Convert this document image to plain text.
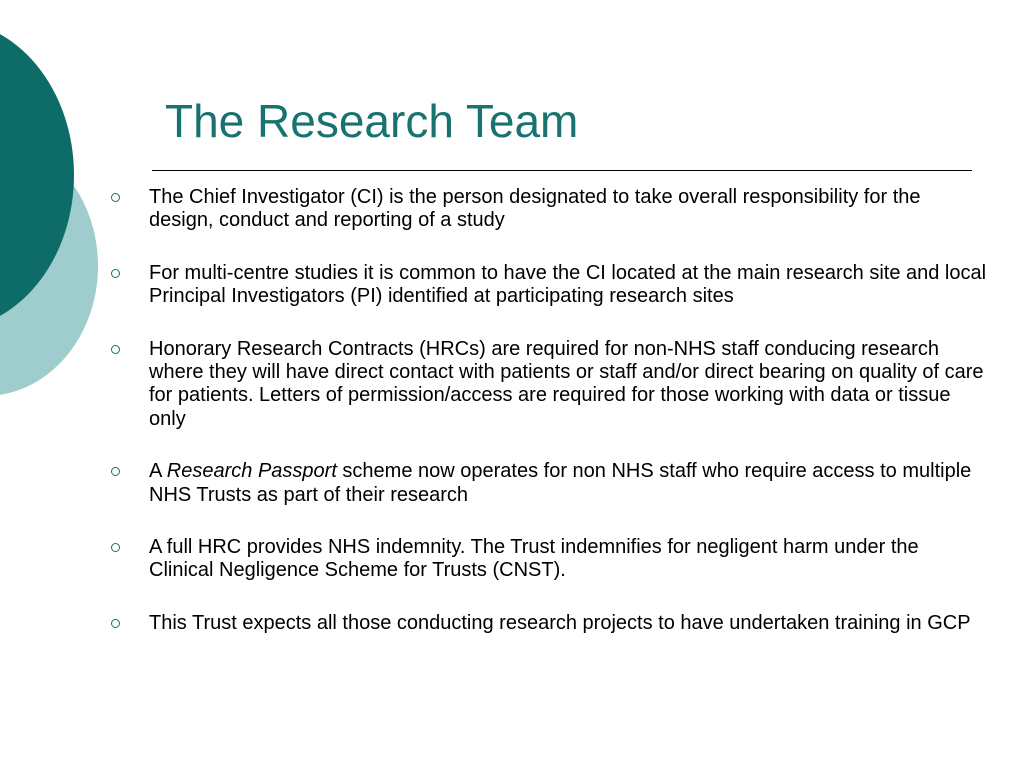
The Research Team
The Chief Investigator (CI) is the person designated to take overall responsibility for the design, conduct and reporting of a study
For multi-centre studies it is common to have the CI located at the main research site and local Principal Investigators (PI) identified at participating research sites
Honorary Research Contracts (HRCs) are required for non-NHS staff conducing research where they will have direct contact with patients or staff and/or direct bearing on quality of care for patients. Letters of permission/access are required for those working with data or tissue only
A Research Passport scheme now operates for non NHS staff who require access to multiple NHS Trusts as part of their research
A full HRC provides NHS indemnity. The Trust indemnifies for negligent harm under the Clinical Negligence Scheme for Trusts (CNST).
This Trust expects all those conducting research projects to have undertaken training in GCP
